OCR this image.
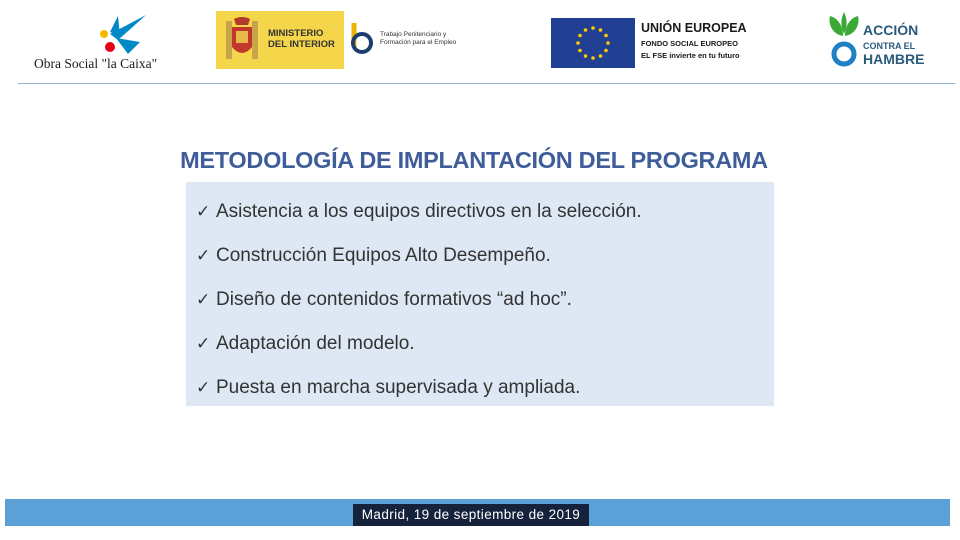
Obra Social "la Caixa"
MINISTERIO
DEL INTERIOR
Trabajo Penitenciario y
Formación para el Empleo
UNIÓN EUROPEA
FONDO SOCIAL EUROPEO
EL FSE invierte en tu futuro
ACCIÓN
CONTRA EL
HAMBRE
METODOLOGÍA DE IMPLANTACIÓN DEL PROGRAMA
✓ Asistencia a los equipos directivos en la selección.
✓ Construcción Equipos Alto Desempeño.
✓ Diseño de contenidos formativos “ad hoc”.
✓ Adaptación del modelo.
✓ Puesta en marcha supervisada y ampliada.
Madrid, 19 de septiembre de 2019
